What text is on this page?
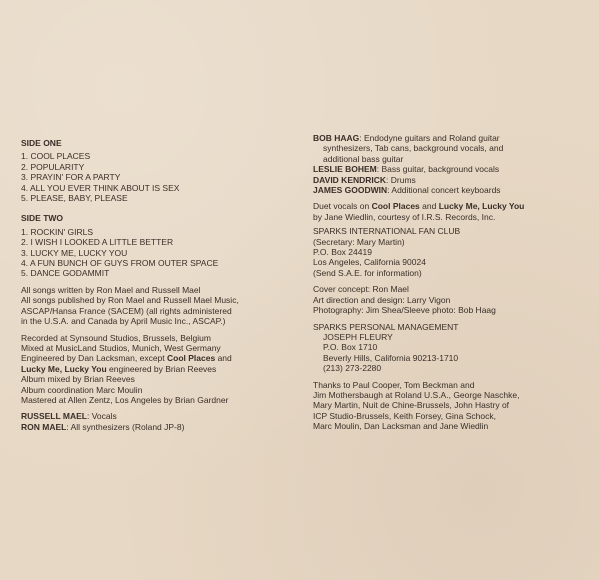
SIDE ONE
1. COOL PLACES
2. POPULARITY
3. PRAYIN' FOR A PARTY
4. ALL YOU EVER THINK ABOUT IS SEX
5. PLEASE, BABY, PLEASE
SIDE TWO
1. ROCKIN' GIRLS
2. I WISH I LOOKED A LITTLE BETTER
3. LUCKY ME, LUCKY YOU
4. A FUN BUNCH OF GUYS FROM OUTER SPACE
5. DANCE GODAMMIT
All songs written by Ron Mael and Russell Mael
All songs published by Ron Mael and Russell Mael Music,
ASCAP/Hansa France (SACEM) (all rights administered
in the U.S.A. and Canada by April Music Inc., ASCAP.)
Recorded at Synsound Studios, Brussels, Belgium
Mixed at MusicLand Studios, Munich, West Germany
Engineered by Dan Lacksman, except Cool Places and
Lucky Me, Lucky You engineered by Brian Reeves
Album mixed by Brian Reeves
Album coordination Marc Moulin
Mastered at Allen Zentz, Los Angeles by Brian Gardner
RUSSELL MAEL: Vocals
RON MAEL: All synthesizers (Roland JP-8)
BOB HAAG: Endodyne guitars and Roland guitar
synthesizers, Tab cans, background vocals, and
additional bass guitar
LESLIE BOHEM: Bass guitar, background vocals
DAVID KENDRICK: Drums
JAMES GOODWIN: Additional concert keyboards
Duet vocals on Cool Places and Lucky Me, Lucky You
by Jane Wiedlin, courtesy of I.R.S. Records, Inc.
SPARKS INTERNATIONAL FAN CLUB
(Secretary: Mary Martin)
P.O. Box 24419
Los Angeles, California 90024
(Send S.A.E. for information)
Cover concept: Ron Mael
Art direction and design: Larry Vigon
Photography: Jim Shea/Sleeve photo: Bob Haag
SPARKS PERSONAL MANAGEMENT
JOSEPH FLEURY
P.O. Box 1710
Beverly Hills, California 90213-1710
(213) 273-2280
Thanks to Paul Cooper, Tom Beckman and
Jim Mothersbaugh at Roland U.S.A., George Naschke,
Mary Martin, Nuit de Chine-Brussels, John Hastry of
ICP Studio-Brussels, Keith Forsey, Gina Schock,
Marc Moulin, Dan Lacksman and Jane Wiedlin
